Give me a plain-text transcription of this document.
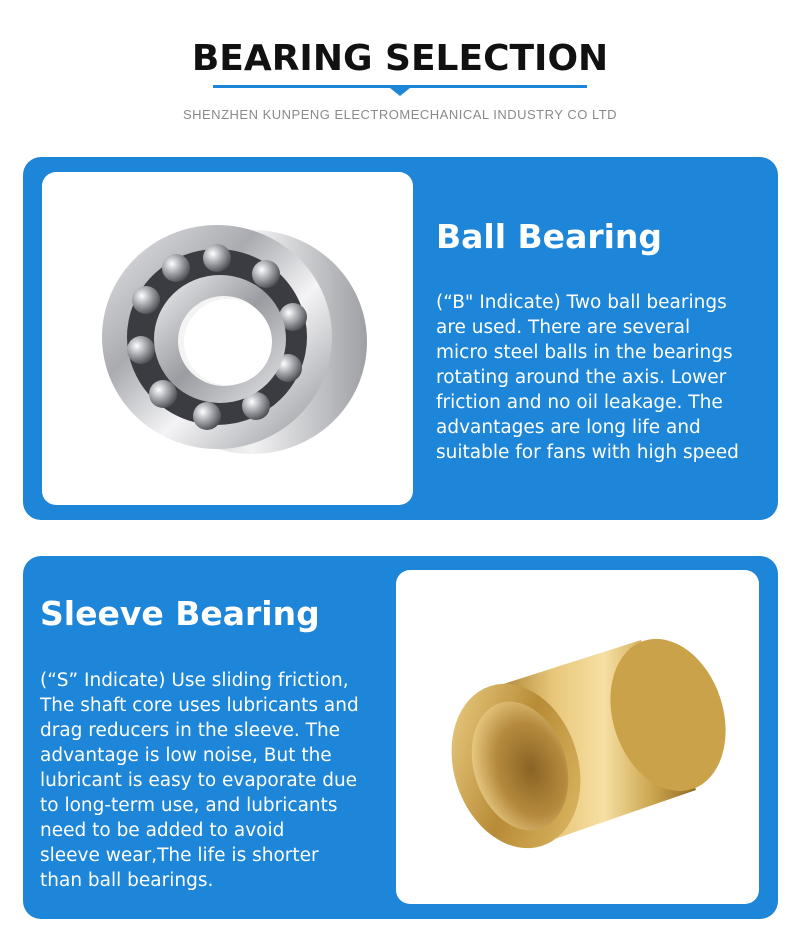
BEARING SELECTION
SHENZHEN KUNPENG ELECTROMECHANICAL INDUSTRY CO LTD
Ball Bearing
(“B" Indicate) Two ball bearings
are used. There are several
micro steel balls in the bearings
rotating around the axis. Lower
friction and no oil leakage. The
advantages are long life and
suitable for fans with high speed
Sleeve Bearing
(“S” Indicate) Use sliding friction,
The shaft core uses lubricants and
drag reducers in the sleeve. The
advantage is low noise, But the
lubricant is easy to evaporate due
to long-term use, and lubricants
need to be added to avoid
sleeve wear,The life is shorter
than ball bearings.
